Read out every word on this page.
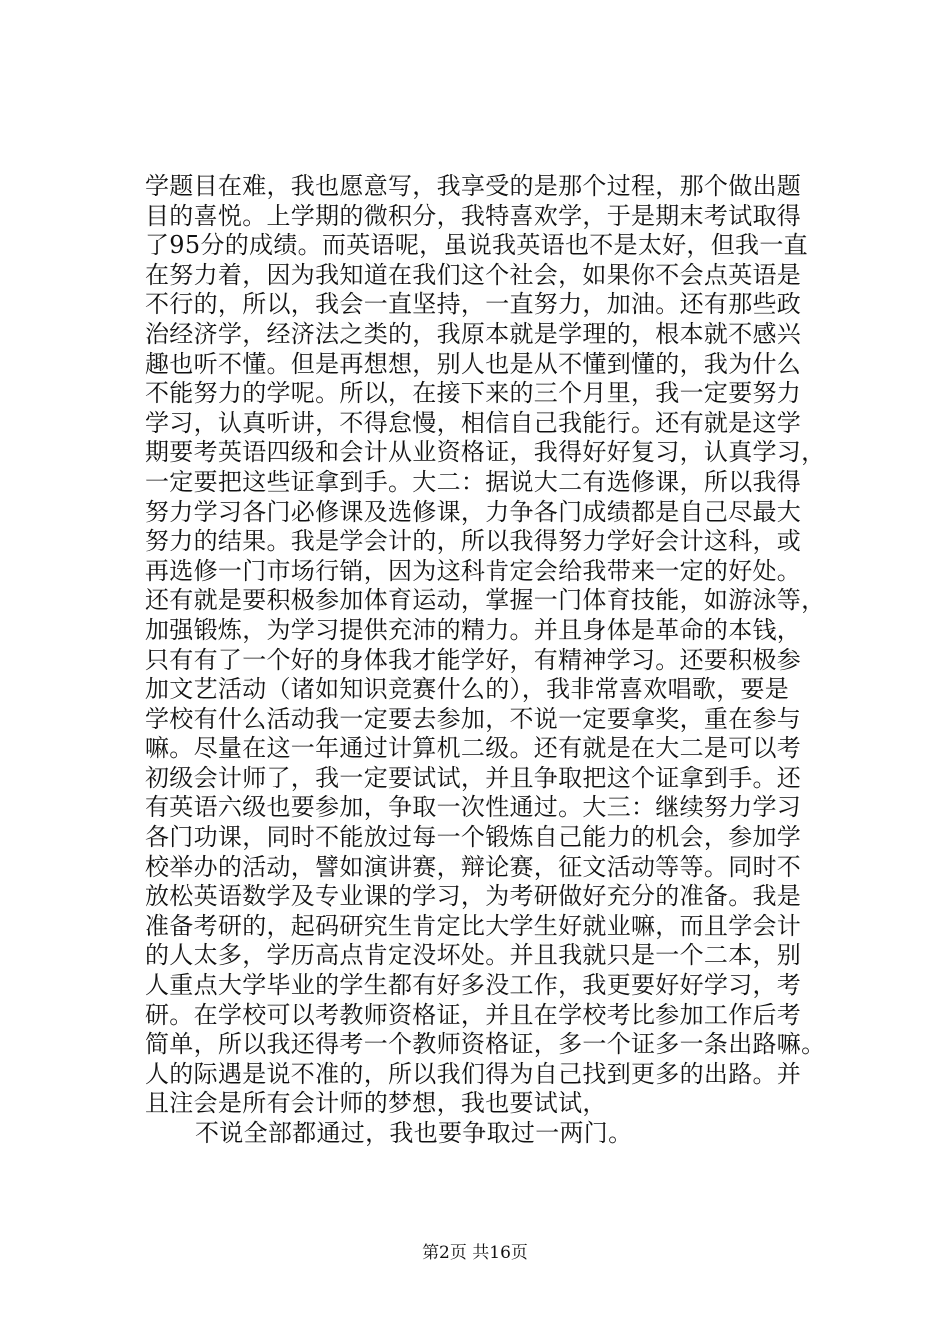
学题目在难，我也愿意写，我享受的是那个过程，那个做出题
目的喜悦。上学期的微积分，我特喜欢学，于是期末考试取得
了95分的成绩。而英语呢，虽说我英语也不是太好，但我一直
在努力着，因为我知道在我们这个社会，如果你不会点英语是
不行的，所以，我会一直坚持，一直努力，加油。还有那些政
治经济学，经济法之类的，我原本就是学理的，根本就不感兴
趣也听不懂。但是再想想，别人也是从不懂到懂的，我为什么
不能努力的学呢。所以，在接下来的三个月里，我一定要努力
学习，认真听讲，不得怠慢，相信自己我能行。还有就是这学
期要考英语四级和会计从业资格证，我得好好复习，认真学习，
一定要把这些证拿到手。大二：据说大二有选修课，所以我得
努力学习各门必修课及选修课，力争各门成绩都是自己尽最大
努力的结果。我是学会计的，所以我得努力学好会计这科，或
再选修一门市场行销，因为这科肯定会给我带来一定的好处。
还有就是要积极参加体育运动，掌握一门体育技能，如游泳等，
加强锻炼，为学习提供充沛的精力。并且身体是革命的本钱，
只有有了一个好的身体我才能学好，有精神学习。还要积极参
加文艺活动（诸如知识竞赛什么的），我非常喜欢唱歌，要是
学校有什么活动我一定要去参加，不说一定要拿奖，重在参与
嘛。尽量在这一年通过计算机二级。还有就是在大二是可以考
初级会计师了，我一定要试试，并且争取把这个证拿到手。还
有英语六级也要参加，争取一次性通过。大三：继续努力学习
各门功课，同时不能放过每一个锻炼自己能力的机会，参加学
校举办的活动，譬如演讲赛，辩论赛，征文活动等等。同时不
放松英语数学及专业课的学习，为考研做好充分的准备。我是
准备考研的，起码研究生肯定比大学生好就业嘛，而且学会计
的人太多，学历高点肯定没坏处。并且我就只是一个二本，别
人重点大学毕业的学生都有好多没工作，我更要好好学习，考
研。在学校可以考教师资格证，并且在学校考比参加工作后考
简单，所以我还得考一个教师资格证，多一个证多一条出路嘛。
人的际遇是说不准的，所以我们得为自己找到更多的出路。并
且注会是所有会计师的梦想，我也要试试，
不说全部都通过，我也要争取过一两门。
第2页 共16页
